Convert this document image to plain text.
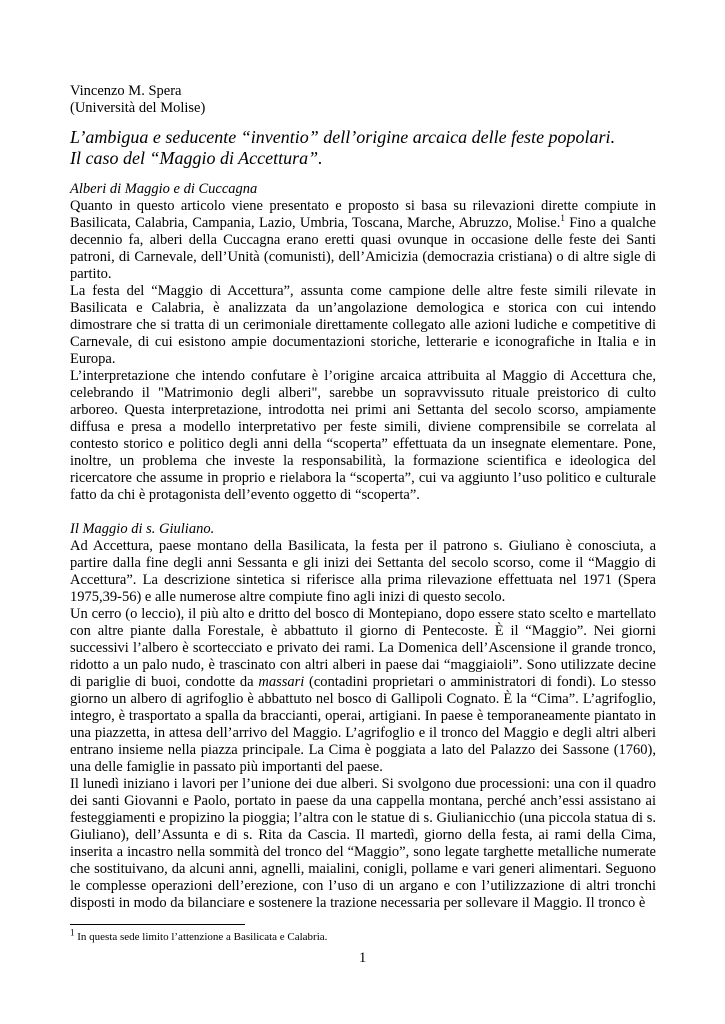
Vincenzo M. Spera
(Università del Molise)
L’ambigua e seducente “inventio” dell’origine arcaica delle feste popolari.
Il caso del “Maggio di Accettura”.
Alberi di Maggio e di Cuccagna

Quanto in questo articolo viene presentato e proposto si basa su rilevazioni dirette compiute in Basilicata, Calabria, Campania, Lazio, Umbria, Toscana, Marche, Abruzzo, Molise.$^1$ Fino a qualche decennio fa, alberi della Cuccagna erano eretti quasi ovunque in occasione delle feste dei Santi patroni, di Carnevale, dell’Unità (comunisti), dell’Amicizia (democrazia cristiana) o di altre sigle di partito.

La festa del “Maggio di Accettura”, assunta come campione delle altre feste simili rilevate in Basilicata e Calabria, è analizzata da un’angolazione demologica e storica con cui intendo dimostrare che si tratta di un cerimoniale direttamente collegato alle azioni ludiche e competitive di Carnevale, di cui esistono ampie documentazioni storiche, letterarie e iconografiche in Italia e in Europa.

L’interpretazione che intendo confutare è l’origine arcaica attribuita al Maggio di Accettura che, celebrando il "Matrimonio degli alberi", sarebbe un sopravvissuto rituale preistorico di culto arboreo. Questa interpretazione, introdotta nei primi ani Settanta del secolo scorso, ampiamente diffusa e presa a modello interpretativo per feste simili, diviene comprensibile se correlata al contesto storico e politico degli anni della “scoperta” effettuata da un insegnate elementare. Pone, inoltre, un problema che investe la responsabilità, la formazione scientifica e ideologica del ricercatore che assume in proprio e rielabora la “scoperta”, cui va aggiunto l’uso politico e culturale fatto da chi è protagonista dell’evento oggetto di “scoperta”.

Il Maggio di s. Giuliano.

Ad Accettura, paese montano della Basilicata, la festa per il patrono s. Giuliano è conosciuta, a partire dalla fine degli anni Sessanta e gli inizi dei Settanta del secolo scorso, come il “Maggio di Accettura”. La descrizione sintetica si riferisce alla prima rilevazione effettuata nel 1971 (Spera 1975,39-56) e alle numerose altre compiute fino agli inizi di questo secolo.

Un cerro (o leccio), il più alto e dritto del bosco di Montepiano, dopo essere stato scelto e martellato con altre piante dalla Forestale, è abbattuto il giorno di Pentecoste. È il “Maggio”. Nei giorni successivi l’albero è scortecciato e privato dei rami. La Domenica dell’Ascensione il grande tronco, ridotto a un palo nudo, è trascinato con altri alberi in paese dai “maggiaioli”. Sono utilizzate decine di pariglie di buoi, condotte da massari (contadini proprietari o amministratori di fondi). Lo stesso giorno un albero di agrifoglio è abbattuto nel bosco di Gallipoli Cognato. È la “Cima”. L’agrifoglio, integro, è trasportato a spalla da braccianti, operai, artigiani. In paese è temporaneamente piantato in una piazzetta, in attesa dell’arrivo del Maggio. L’agrifoglio e il tronco del Maggio e degli altri alberi entrano insieme nella piazza principale. La Cima è poggiata a lato del Palazzo dei Sassone (1760), una delle famiglie in passato più importanti del paese.

Il lunedì iniziano i lavori per l’unione dei due alberi. Si svolgono due processioni: una con il quadro dei santi Giovanni e Paolo, portato in paese da una cappella montana, perché anch’essi assistano ai festeggiamenti e propizino la pioggia; l’altra con le statue di s. Giulianicchio (una piccola statua di s. Giuliano), dell’Assunta e di s. Rita da Cascia. Il martedì, giorno della festa, ai rami della Cima, inserita a incastro nella sommità del tronco del “Maggio”, sono legate targhette metalliche numerate che sostituivano, da alcuni anni, agnelli, maialini, conigli, pollame e vari generi alimentari. Seguono le complesse operazioni dell’erezione, con l’uso di un argano e con l’utilizzazione di altri tronchi disposti in modo da bilanciare e sostenere la trazione necessaria per sollevare il Maggio. Il tronco è

$^1$ In questa sede limito l’attenzione a Basilicata e Calabria.
1
